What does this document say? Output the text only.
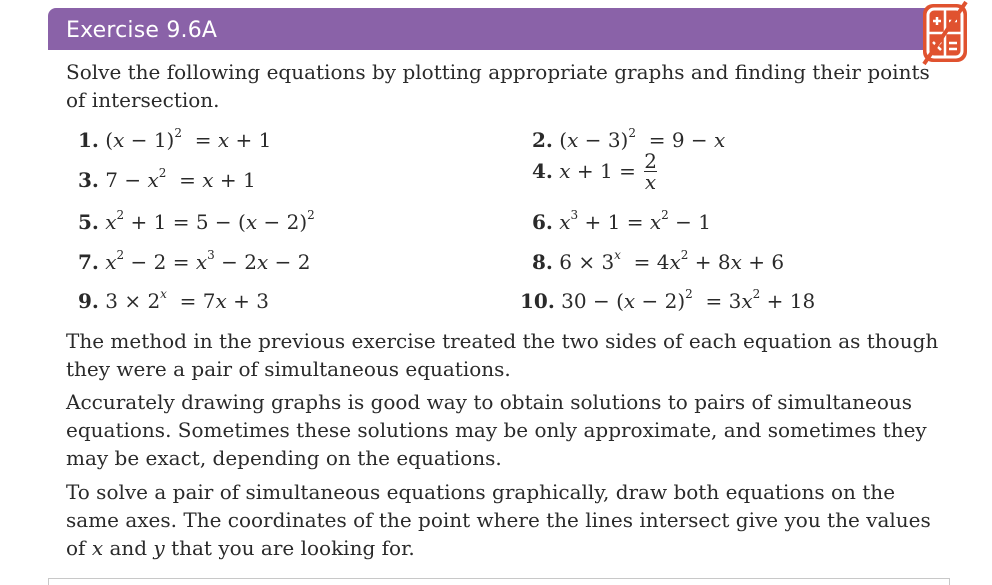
Exercise 9.6A

Solve the following equations by plotting appropriate graphs and finding their points of intersection.

1. $(x - 1)^2 = x + 1$
3. $7 - x^2 = x + 1$
5. $x^2 + 1 = 5 - (x - 2)^2$
7. $x^2 - 2 = x^3 - 2x - 2$
9. $3 \times 2^x = 7x + 3$
2. $(x - 3)^2 = 9 - x$
4. $x + 1 = \frac{2}{x}$
6. $x^3 + 1 = x^2 - 1$
8. $6 \times 3^x = 4x^2 + 8x + 6$
10. $30 - (x - 2)^2 = 3x^2 + 18$

The method in the previous exercise treated the two sides of each equation as though they were a pair of simultaneous equations.

Accurately drawing graphs is good way to obtain solutions to pairs of simultaneous equations. Sometimes these solutions may be only approximate, and sometimes they may be exact, depending on the equations.

To solve a pair of simultaneous equations graphically, draw both equations on the same axes. The coordinates of the point where the lines intersect give you the values of x and y that you are looking for.
